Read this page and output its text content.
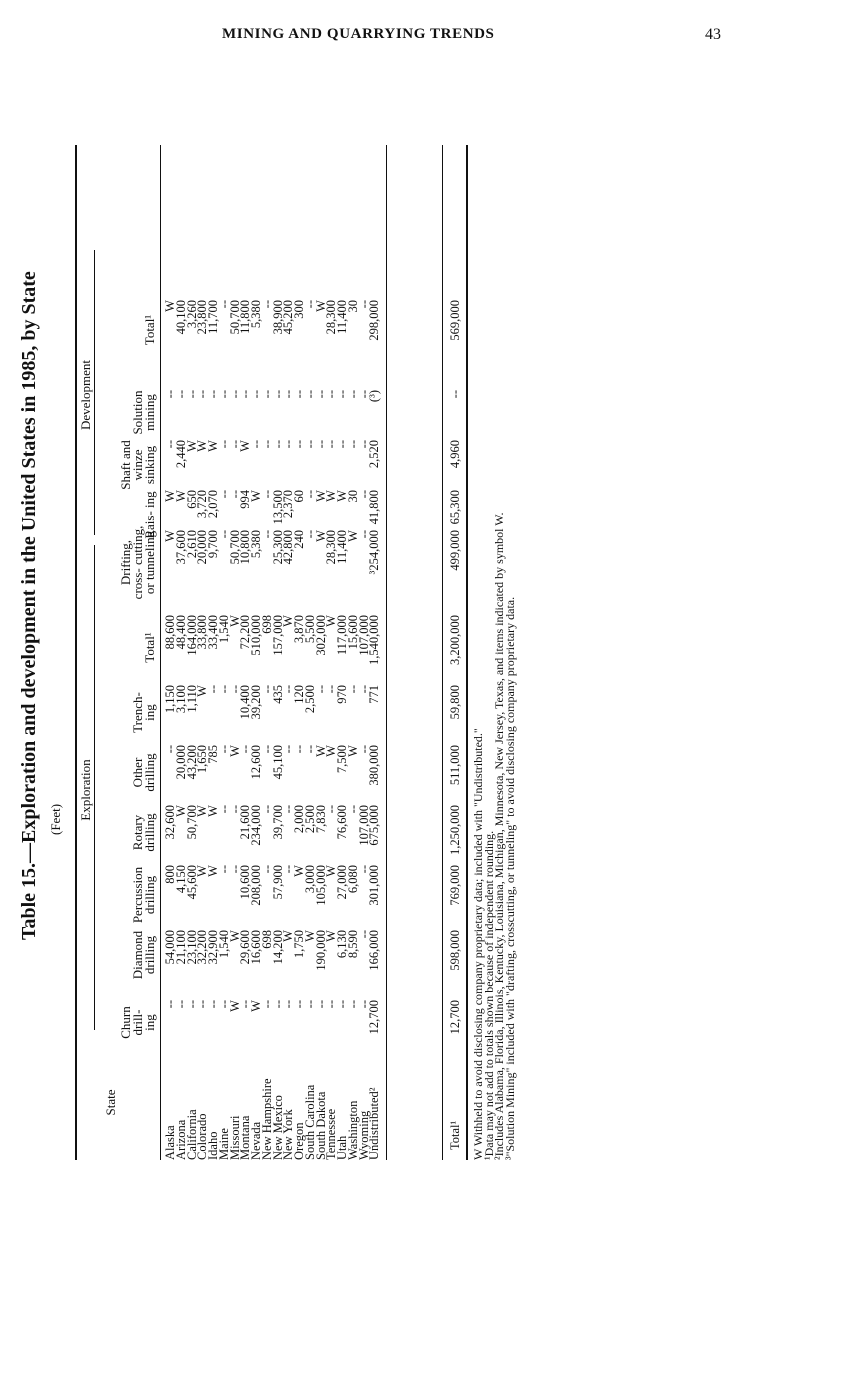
MINING AND QUARRYING TRENDS	43
Table 15.—Exploration and development in the United States in 1985, by State (Feet) Exploration
Development
State
Churn drill- ing
Diamond drilling
Percussion drilling
Rotary drilling
Other drilling
Trench- ing
Total¹
Drifting, cross- cutting, or tunneling
Rais- ing
Shaft and winze sinking
Solution mining
Total¹
Alaska
--
54,000
800
32,600
--
1,150
88,600
W
W
--
--
W
Arizona
--
21,100
4,150
W
20,000
3,100
48,400
37,600
W
2,440
--
40,100
California
--
23,100
45,600
50,700
43,200
1,110
164,000
2,610
650
W
--
3,260
Colorado
--
32,200
W
W
1,650
W
33,800
20,000
3,720
W
--
23,800
Idaho
--
32,900
W
W
785
--
33,400
9,700
2,070
W
--
11,700
Maine
--
1,540
--
--
--
--
1,540
--
--
--
--
--
Missouri
W
W
--
--
W
--
W
50,700
--
--
--
50,700
Montana
--
29,600
10,600
21,600
--
10,400
72,200
10,800
994
W
--
11,800
Nevada
W
16,600
208,000
234,000
12,600
39,200
510,000
5,380
W
--
--
5,380
New Hampshire
--
698
--
--
--
--
698
--
--
--
--
--
New Mexico
--
14,200
57,900
39,700
45,100
435
157,000
25,300
13,500
--
--
38,900
New York
--
W
--
--
--
--
W
42,800
2,370
--
--
45,200
Oregon
--
1,750
W
2,000
--
120
3,870
240
60
--
--
300
South Carolina
--
W
3,000
2,500
--
2,500
5,500
--
--
--
--
--
South Dakota
--
190,000
105,000
7,830
W
--
302,000
W
W
--
--
W
Tennessee
--
W
W
--
W
--
W
28,300
W
--
--
28,300
Utah
--
6,130
27,000
76,600
7,500
970
117,000
11,400
W
--
--
11,400
Washington
--
8,590
6,080
--
W
--
15,600
W
30
--
--
30
Wyoming
--
--
--
107,000
--
--
107,000
--
--
--
--
--
Undistributed²
12,700
166,000
301,000
675,000
380,000
771
1,540,000
³254,000
41,800
2,520
(³)
298,000
Total¹
12,700
598,000
769,000
1,250,000
511,000
59,800
3,200,000
499,000
65,300
4,960
--
569,000
W Withheld to avoid disclosing company proprietary data; included with "Undistributed."
¹Data may not add to totals shown because of independent rounding.
²Includes Alabama, Florida, Illinois, Kentucky, Louisiana, Michigan, Minnesota, New Jersey, Texas, and items indicated by symbol W.
³"Solution Mining" included with "drafting, crosscutting, or tunneling" to avoid disclosing company proprietary data.
